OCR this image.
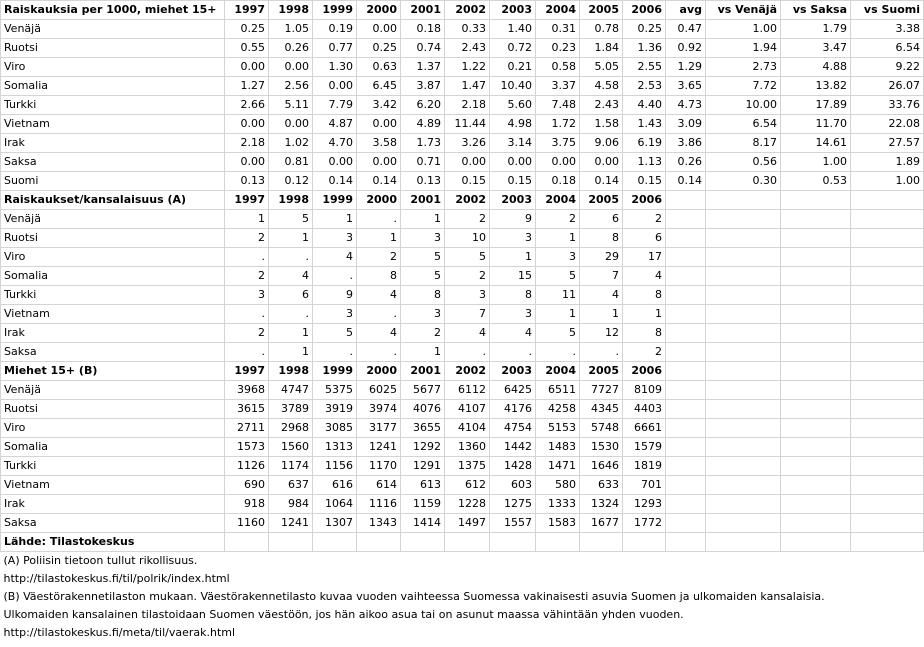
Raiskauksia per 1000, miehet 15+	1997	1998	1999	2000	2001	2002	2003	2004	2005	2006	avg	vs Venäjä	vs Saksa	vs Suomi
Venäjä	0.25	1.05	0.19	0.00	0.18	0.33	1.40	0.31	0.78	0.25	0.47	1.00	1.79	3.38
Ruotsi	0.55	0.26	0.77	0.25	0.74	2.43	0.72	0.23	1.84	1.36	0.92	1.94	3.47	6.54
Viro	0.00	0.00	1.30	0.63	1.37	1.22	0.21	0.58	5.05	2.55	1.29	2.73	4.88	9.22
Somalia	1.27	2.56	0.00	6.45	3.87	1.47	10.40	3.37	4.58	2.53	3.65	7.72	13.82	26.07
Turkki	2.66	5.11	7.79	3.42	6.20	2.18	5.60	7.48	2.43	4.40	4.73	10.00	17.89	33.76
Vietnam	0.00	0.00	4.87	0.00	4.89	11.44	4.98	1.72	1.58	1.43	3.09	6.54	11.70	22.08
Irak	2.18	1.02	4.70	3.58	1.73	3.26	3.14	3.75	9.06	6.19	3.86	8.17	14.61	27.57
Saksa	0.00	0.81	0.00	0.00	0.71	0.00	0.00	0.00	0.00	1.13	0.26	0.56	1.00	1.89
Suomi	0.13	0.12	0.14	0.14	0.13	0.15	0.15	0.18	0.14	0.15	0.14	0.30	0.53	1.00
Raiskaukset/kansalaisuus (A)	1997	1998	1999	2000	2001	2002	2003	2004	2005	2006				
Venäjä	1	5	1	.	1	2	9	2	6	2				
Ruotsi	2	1	3	1	3	10	3	1	8	6				
Viro	.	.	4	2	5	5	1	3	29	17				
Somalia	2	4	.	8	5	2	15	5	7	4				
Turkki	3	6	9	4	8	3	8	11	4	8				
Vietnam	.	.	3	.	3	7	3	1	1	1				
Irak	2	1	5	4	2	4	4	5	12	8				
Saksa	.	1	.	.	1	.	.	.	.	2				
Miehet 15+ (B)	1997	1998	1999	2000	2001	2002	2003	2004	2005	2006				
Venäjä	3968	4747	5375	6025	5677	6112	6425	6511	7727	8109				
Ruotsi	3615	3789	3919	3974	4076	4107	4176	4258	4345	4403				
Viro	2711	2968	3085	3177	3655	4104	4754	5153	5748	6661				
Somalia	1573	1560	1313	1241	1292	1360	1442	1483	1530	1579				
Turkki	1126	1174	1156	1170	1291	1375	1428	1471	1646	1819				
Vietnam	690	637	616	614	613	612	603	580	633	701				
Irak	918	984	1064	1116	1159	1228	1275	1333	1324	1293				
Saksa	1160	1241	1307	1343	1414	1497	1557	1583	1677	1772				
Lähde: Tilastokeskus														

(A) Poliisin tietoon tullut rikollisuus.														

http://tilastokeskus.fi/til/polrik/index.html														

(B) Väestörakennetilaston mukaan. Väestörakennetilasto kuvaa vuoden vaihteessa Suomessa vakinaisesti asuvia Suomen ja ulkomaiden kansalaisia.														

Ulkomaiden kansalainen tilastoidaan Suomen väestöön, jos hän aikoo asua tai on asunut maassa vähintään yhden vuoden.														

http://tilastokeskus.fi/meta/til/vaerak.html														
